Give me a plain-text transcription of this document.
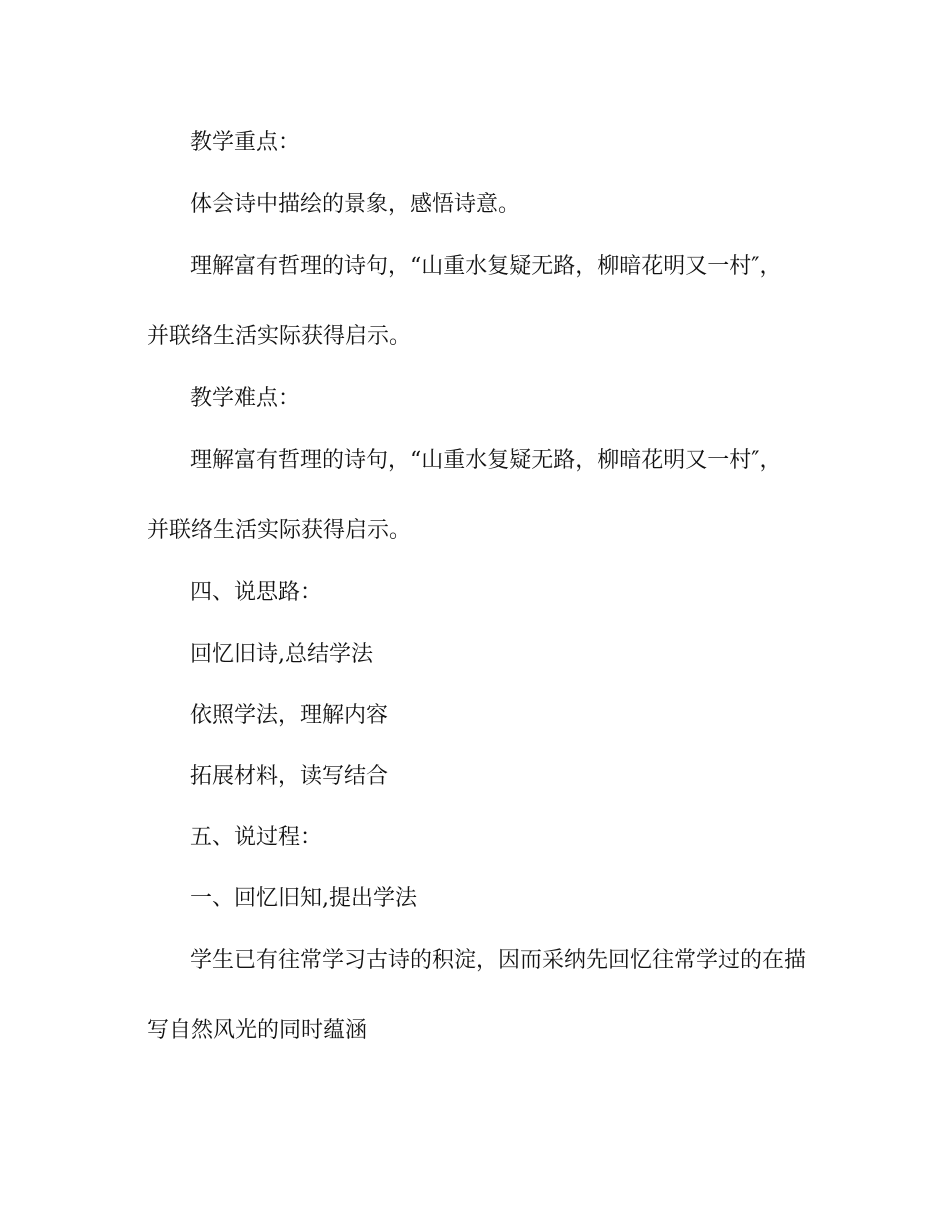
教学重点：
体会诗中描绘的景象，感悟诗意。
理解富有哲理的诗句，“山重水复疑无路，柳暗花明又一村″，
并联络生活实际获得启示。
教学难点：
理解富有哲理的诗句，“山重水复疑无路，柳暗花明又一村″，
并联络生活实际获得启示。
四、说思路：
回忆旧诗,总结学法
依照学法，理解内容
拓展材料，读写结合
五、说过程：
一、回忆旧知,提出学法
学生已有往常学习古诗的积淀，因而采纳先回忆往常学过的在描
写自然风光的同时蕴涵
